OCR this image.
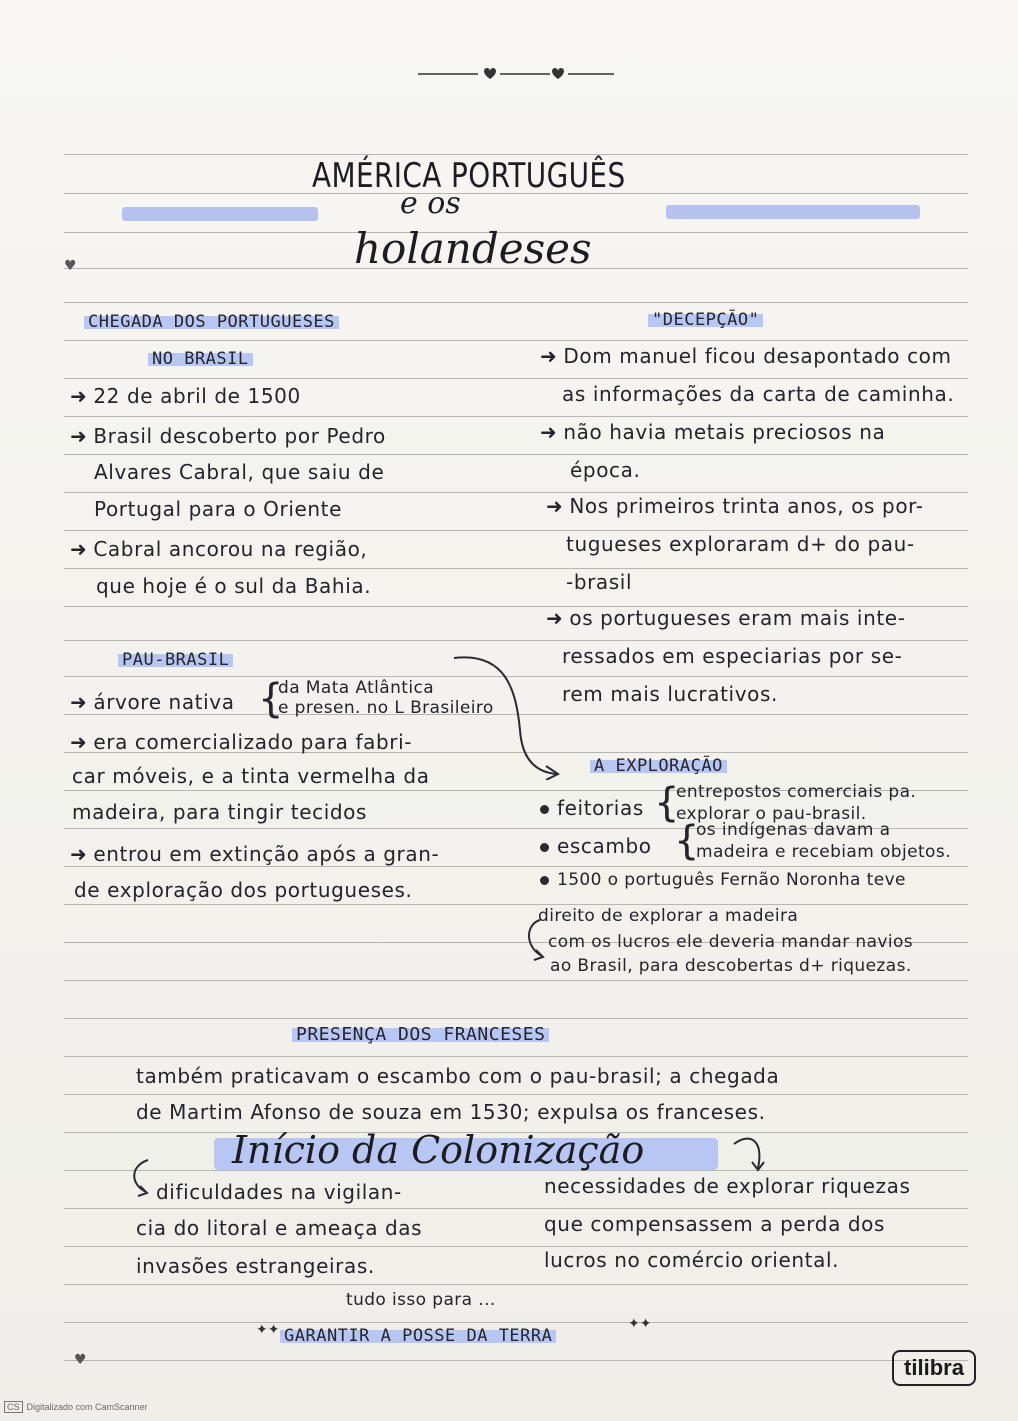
AMÉRICA PORTUGUÊS
e os
holandeses
♥
♥
CHEGADA DOS PORTUGUESES
NO BRASIL
➜ 22 de abril de 1500
➜ Brasil descoberto por Pedro
Alvares Cabral, que saiu de
Portugal para o Oriente
➜ Cabral ancorou na região,
que hoje é o sul da Bahia.
PAU-BRASIL
➜ árvore nativa {
da Mata Atlântica
e presen. no L Brasileiro
➜ era comercializado para fabri-
car móveis, e a tinta vermelha da
madeira, para tingir tecidos
➜ entrou em extinção após a gran-
de exploração dos portugueses.
"DECEPÇÃO"
➜ Dom manuel ficou desapontado com
as informações da carta de caminha.
➜ não havia metais preciosos na
época.
➜ Nos primeiros trinta anos, os por-
tugueses exploraram d+ do pau-
-brasil
➜ os portugueses eram mais inte-
ressados em especiarias por se-
rem mais lucrativos.
A EXPLORAÇÃO
feitorias {
entrepostos comerciais pa.
explorar o pau-brasil.
escambo {
os indígenas davam a
madeira e recebiam objetos.
1500 o português Fernão Noronha teve
direito de explorar a madeira
com os lucros ele deveria mandar navios
ao Brasil, para descobertas d+ riquezas.
PRESENÇA DOS FRANCESES
também praticavam o escambo com o pau-brasil; a chegada
de Martim Afonso de souza em 1530; expulsa os franceses.
Início da Colonização
dificuldades na vigilan-
cia do litoral e ameaça das
invasões estrangeiras.
necessidades de explorar riquezas
que compensassem a perda dos
lucros no comércio oriental.
tudo isso para ...
✦✦ GARANTIR A POSSE DA TERRA
✦✦
tilibra
CS Digitalizado com CamScanner
